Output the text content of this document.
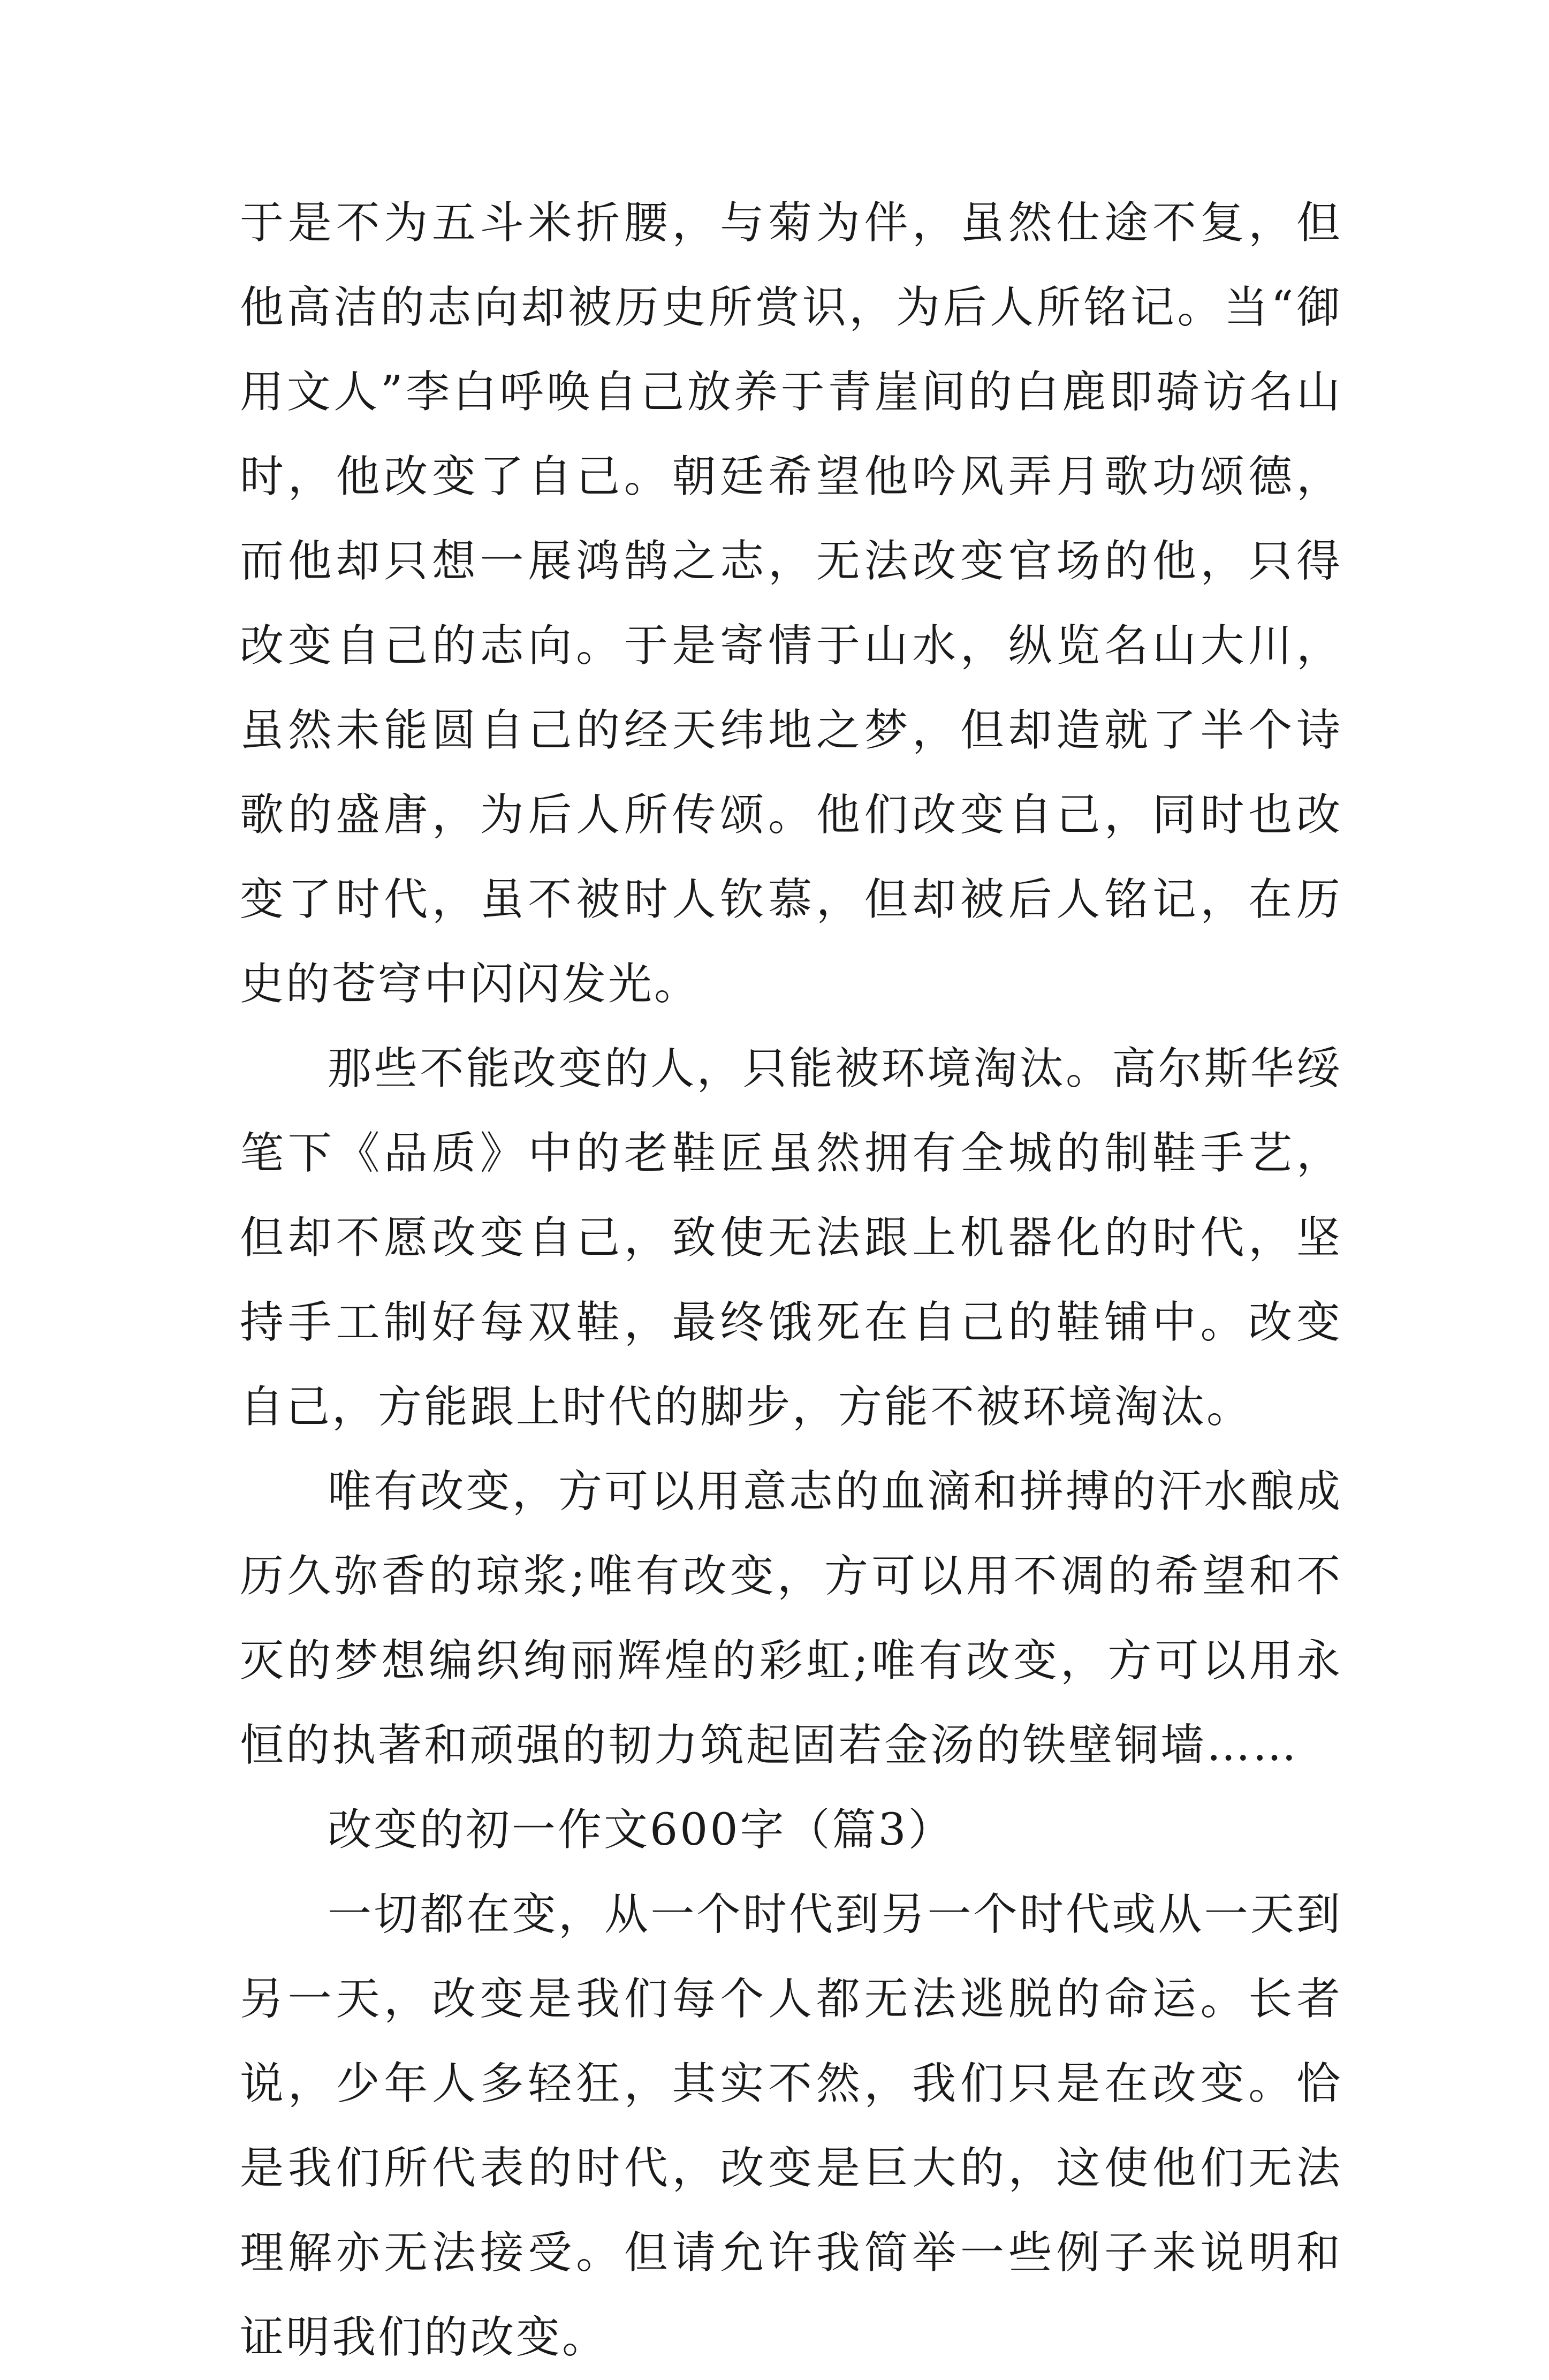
于是不为五斗米折腰，与菊为伴，虽然仕途不复，但他高洁的志向却被历史所赏识，为后人所铭记。当“御用文人”李白呼唤自己放养于青崖间的白鹿即骑访名山时，他改变了自己。朝廷希望他吟风弄月歌功颂德，而他却只想一展鸿鹄之志，无法改变官场的他，只得改变自己的志向。于是寄情于山水，纵览名山大川，虽然未能圆自己的经天纬地之梦，但却造就了半个诗歌的盛唐，为后人所传颂。他们改变自己，同时也改变了时代，虽不被时人钦慕，但却被后人铭记，在历史的苍穹中闪闪发光。

那些不能改变的人，只能被环境淘汰。高尔斯华绥笔下《品质》中的老鞋匠虽然拥有全城的制鞋手艺，但却不愿改变自己，致使无法跟上机器化的时代，坚持手工制好每双鞋，最终饿死在自己的鞋铺中。改变自己，方能跟上时代的脚步，方能不被环境淘汰。

唯有改变，方可以用意志的血滴和拼搏的汗水酿成历久弥香的琼浆;唯有改变，方可以用不凋的希望和不灭的梦想编织绚丽辉煌的彩虹;唯有改变，方可以用永恒的执著和顽强的韧力筑起固若金汤的铁壁铜墙……

改变的初一作文600字（篇3）

一切都在变，从一个时代到另一个时代或从一天到另一天，改变是我们每个人都无法逃脱的命运。长者说，少年人多轻狂，其实不然，我们只是在改变。恰是我们所代表的时代，改变是巨大的，这使他们无法理解亦无法接受。但请允许我简举一些例子来说明和证明我们的改变。
